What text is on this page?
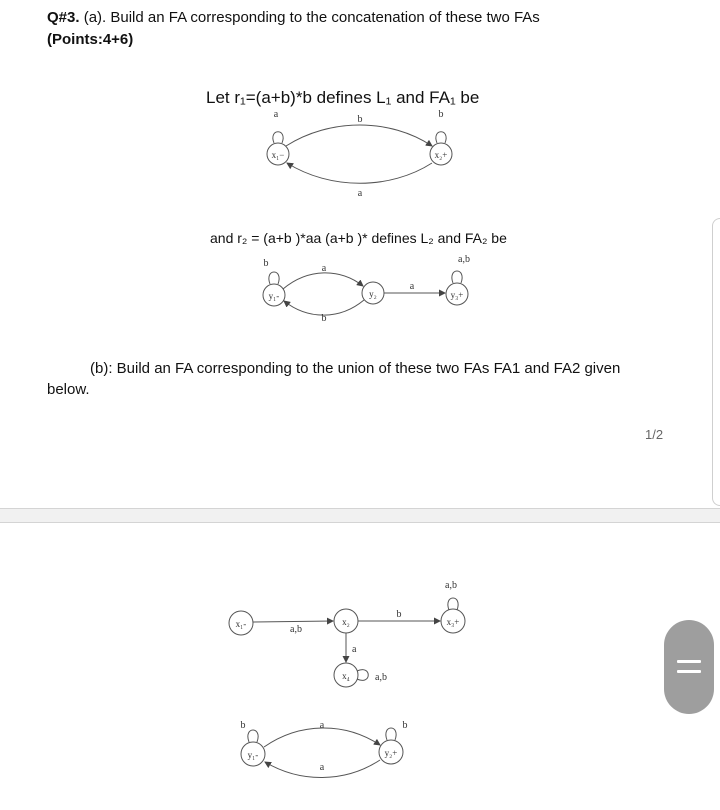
Q#3. (a). Build an FA corresponding to the concatenation of these two FAs
(Points:4+6)
(b): Build an FA corresponding to the union of these two FAs FA1 and FA2 given below.
1/2
Let r₁=(a+b)*b defines L₁ and FA₁ be
x₁−	x₂+
a	b
b
a
and r₂ = (a+b )*aa (a+b )* defines L₂ and FA₂ be
y₁-	y₂	y₃+
b	a,b
a
b
a
x₁-	x₂	x₃+
x₄
a,b
b
a
a,b
a,b
y₁-	y₂+
b	b
a
a
